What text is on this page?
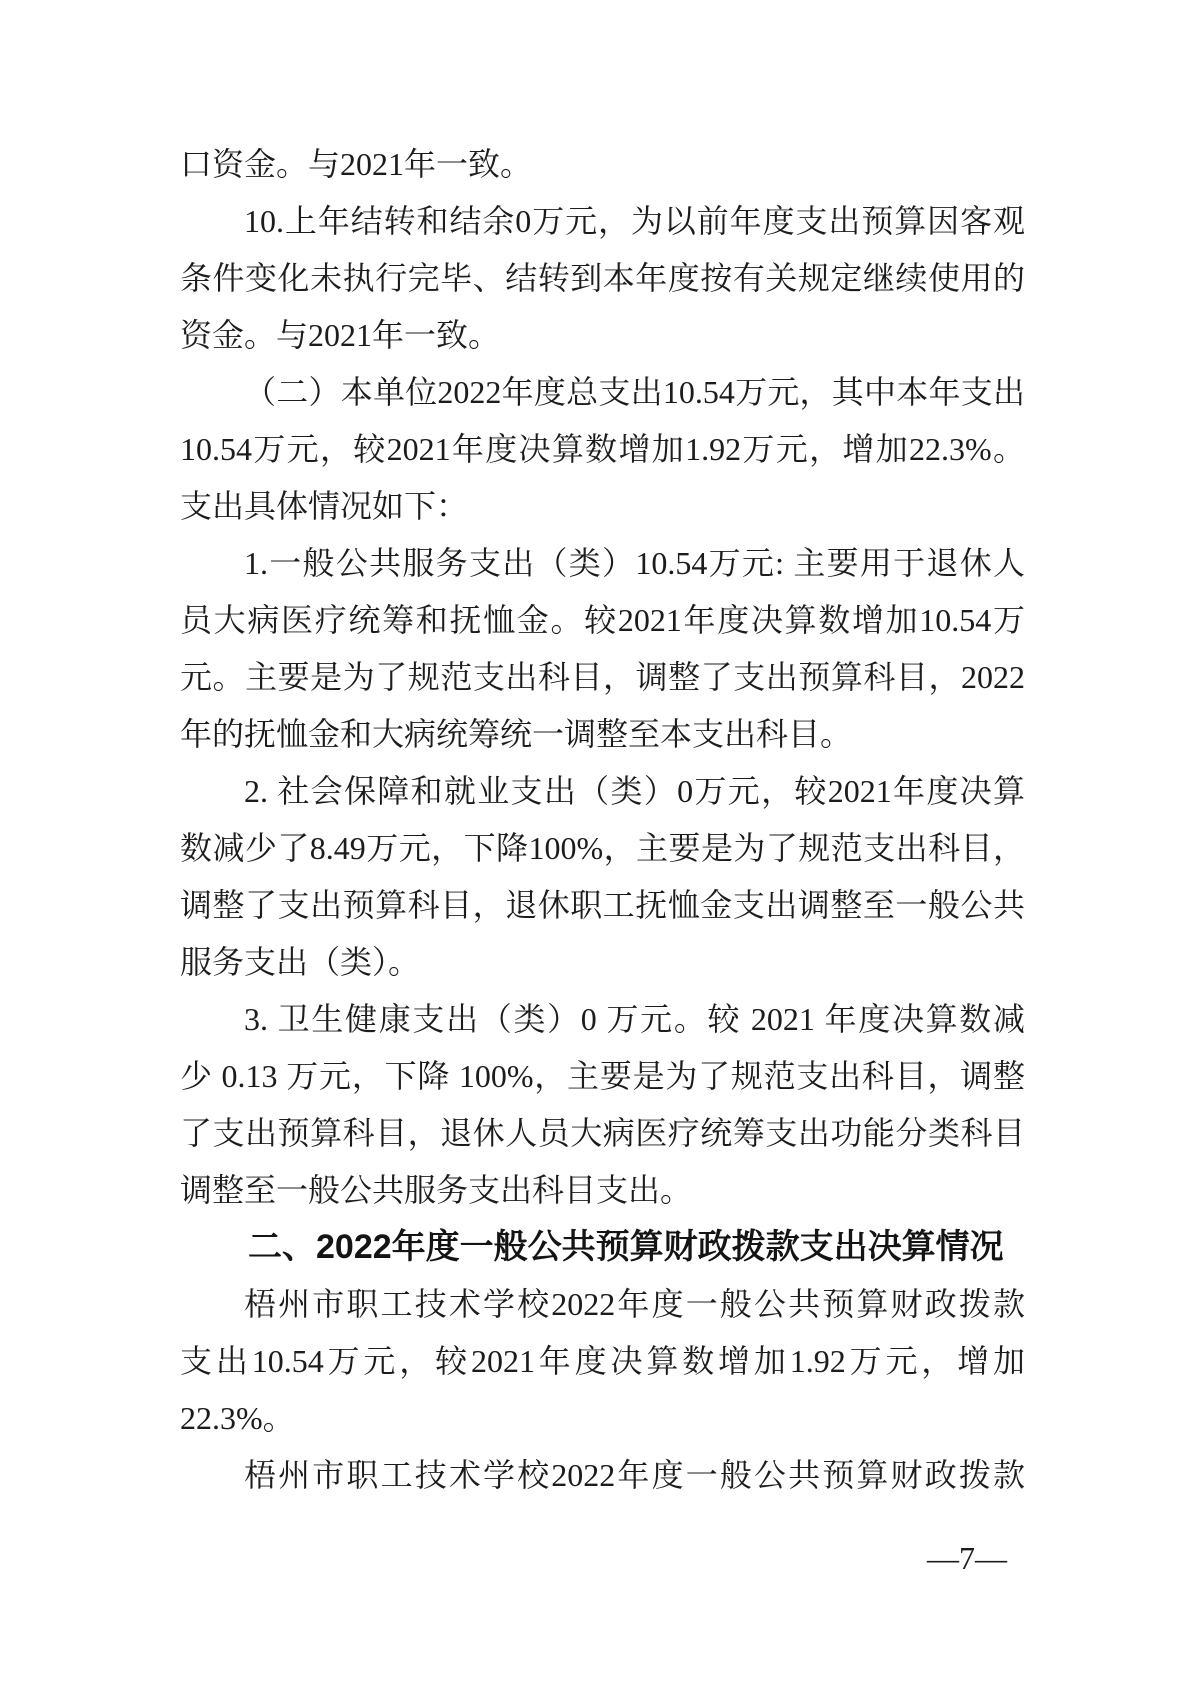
口资金。与2021年一致。
10.上年结转和结余0万元，为以前年度支出预算因客观
条件变化未执行完毕、结转到本年度按有关规定继续使用的
资金。与2021年一致。
（二）本单位2022年度总支出10.54万元，其中本年支出
10.54万元，较2021年度决算数增加1.92万元，增加22.3%。
支出具体情况如下：
1.一般公共服务支出（类）10.54万元: 主要用于退休人
员大病医疗统筹和抚恤金。较2021年度决算数增加10.54万
元。主要是为了规范支出科目，调整了支出预算科目，2022
年的抚恤金和大病统筹统一调整至本支出科目。
2. 社会保障和就业支出（类）0万元，较2021年度决算
数减少了8.49万元，下降100%，主要是为了规范支出科目，
调整了支出预算科目，退休职工抚恤金支出调整至一般公共
服务支出（类）。
3. 卫生健康支出（类）0 万元。较 2021 年度决算数减
少 0.13 万元，下降 100%，主要是为了规范支出科目，调整
了支出预算科目，退休人员大病医疗统筹支出功能分类科目
调整至一般公共服务支出科目支出。
二、2022年度一般公共预算财政拨款支出决算情况
梧州市职工技术学校2022年度一般公共预算财政拨款
支出10.54万元，较2021年度决算数增加1.92万元，增加
22.3%。
梧州市职工技术学校2022年度一般公共预算财政拨款
—7—
